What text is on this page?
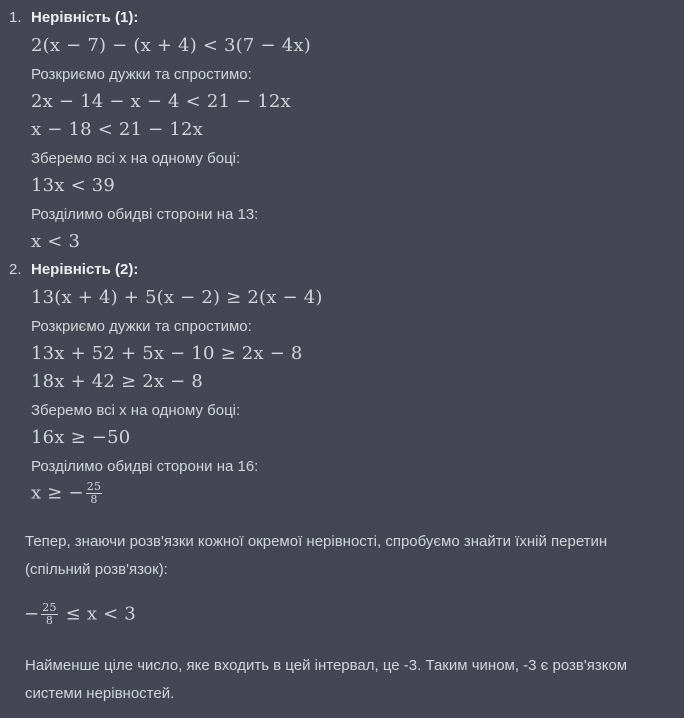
1. Нерівність (1):
2(x − 7) − (x + 4) < 3(7 − 4x)
Розкриємо дужки та спростимо:
2x − 14 − x − 4 < 21 − 12x
x − 18 < 21 − 12x
Зберемо всі x на одному боці:
13x < 39
Розділимо обидві сторони на 13:
x < 3
2. Нерівність (2):
13(x + 4) + 5(x − 2) ≥ 2(x − 4)
Розкриємо дужки та спростимо:
13x + 52 + 5x − 10 ≥ 2x − 8
18x + 42 ≥ 2x − 8
Зберемо всі x на одному боці:
16x ≥ −50
Розділимо обидві сторони на 16:
x ≥ − $\frac{25}{8}$
Тепер, знаючи розв'язки кожної окремої нерівності, спробуємо знайти їхній перетин (спільний розв'язок):
− $\frac{25}{8} \le x < 3$
Найменше ціле число, яке входить в цей інтервал, це -3. Таким чином, -3 є розв'язком системи нерівностей.
